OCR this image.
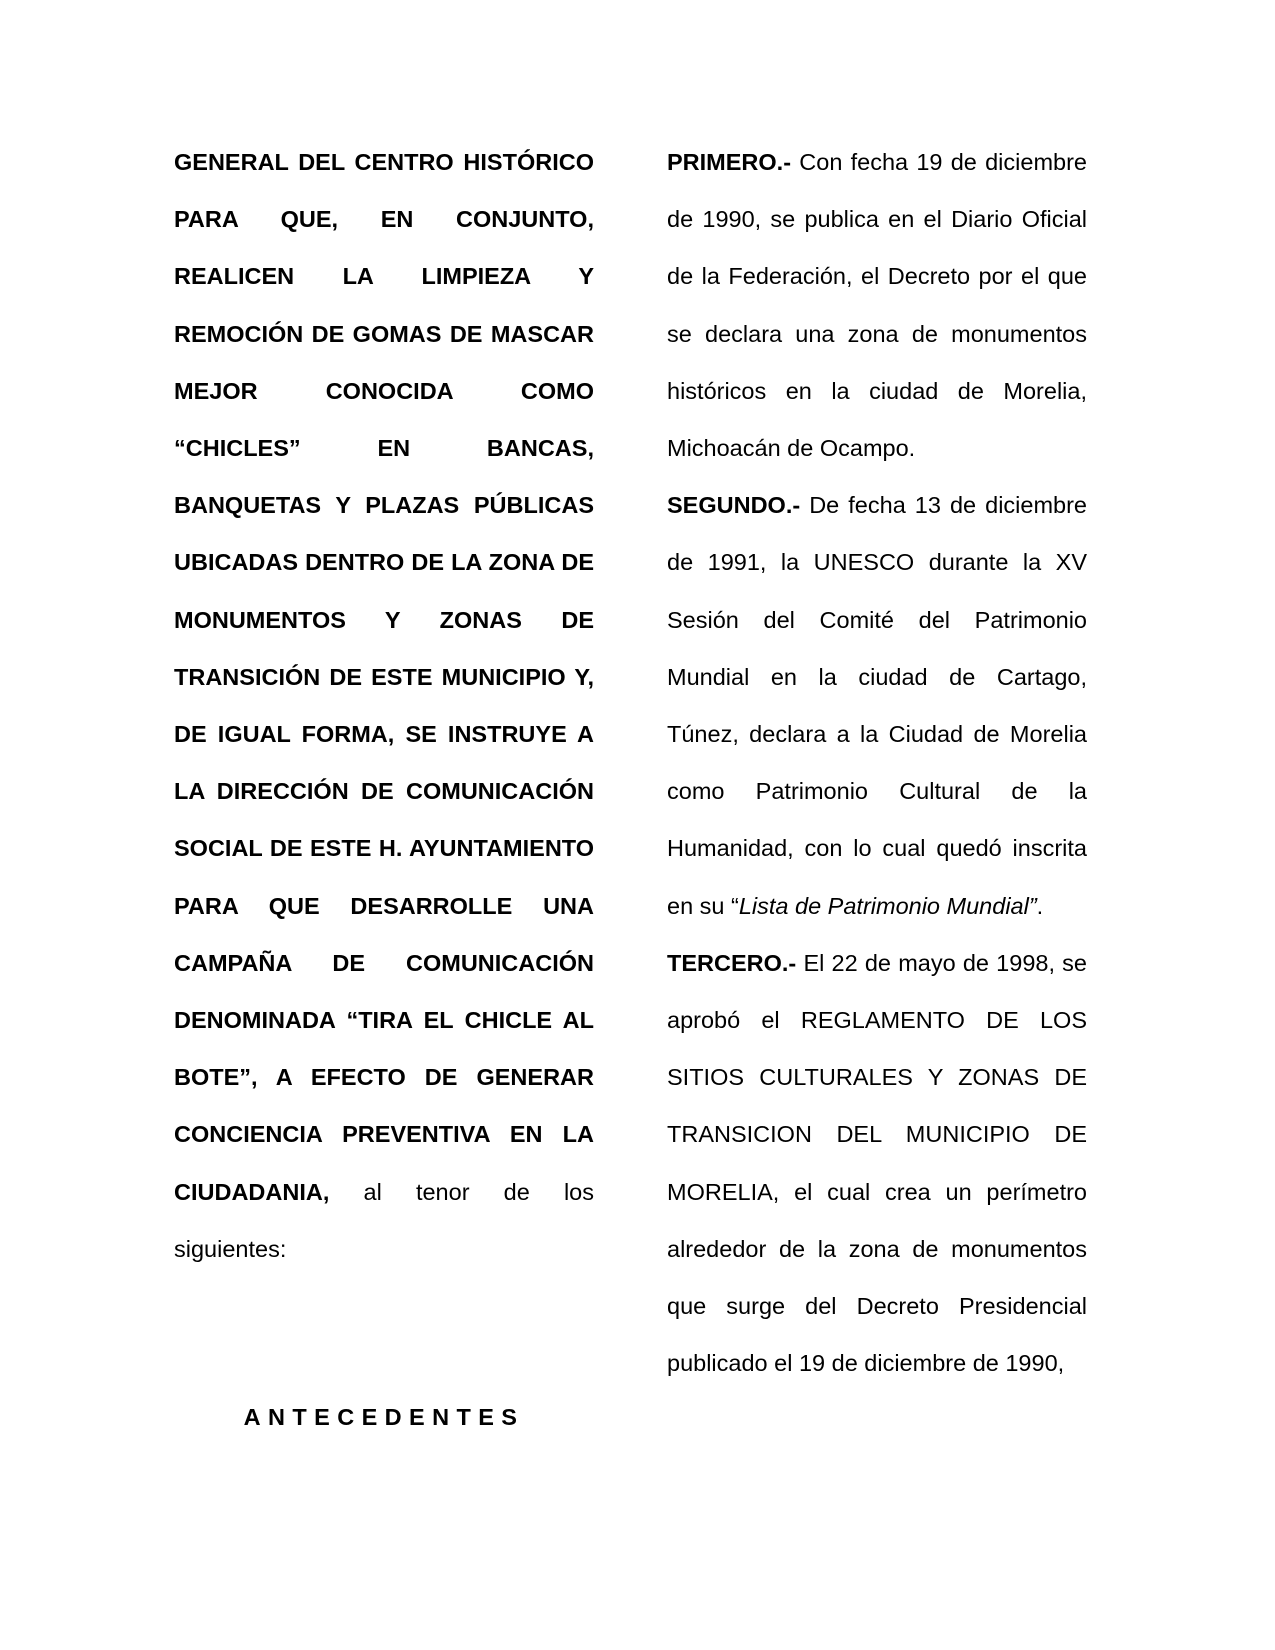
GENERAL DEL CENTRO HISTÓRICO PARA QUE, EN CONJUNTO, REALICEN LA LIMPIEZA Y REMOCIÓN DE GOMAS DE MASCAR MEJOR CONOCIDA COMO “CHICLES” EN BANCAS, BANQUETAS Y PLAZAS PÚBLICAS UBICADAS DENTRO DE LA ZONA DE MONUMENTOS Y ZONAS DE TRANSICIÓN DE ESTE MUNICIPIO Y, DE IGUAL FORMA, SE INSTRUYE A LA DIRECCIÓN DE COMUNICACIÓN SOCIAL DE ESTE H. AYUNTAMIENTO PARA QUE DESARROLLE UNA CAMPAÑA DE COMUNICACIÓN DENOMINADA “TIRA EL CHICLE AL BOTE”, A EFECTO DE GENERAR CONCIENCIA PREVENTIVA EN LA CIUDADANIA, al tenor de los siguientes:

ANTECEDENTES

PRIMERO.- Con fecha 19 de diciembre de 1990, se publica en el Diario Oficial de la Federación, el Decreto por el que se declara una zona de monumentos históricos en la ciudad de Morelia, Michoacán de Ocampo.

SEGUNDO.- De fecha 13 de diciembre de 1991, la UNESCO durante la XV Sesión del Comité del Patrimonio Mundial en la ciudad de Cartago, Túnez, declara a la Ciudad de Morelia como Patrimonio Cultural de la Humanidad, con lo cual quedó inscrita en su “Lista de Patrimonio Mundial”.

TERCERO.- El 22 de mayo de 1998, se aprobó el REGLAMENTO DE LOS SITIOS CULTURALES Y ZONAS DE TRANSICION DEL MUNICIPIO DE MORELIA, el cual crea un perímetro alrededor de la zona de monumentos que surge del Decreto Presidencial publicado el 19 de diciembre de 1990,
